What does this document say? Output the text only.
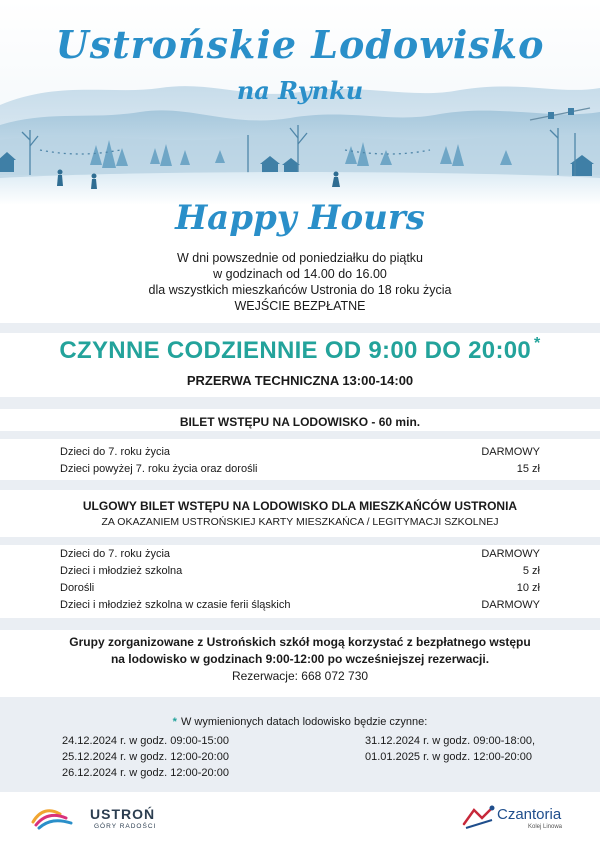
Ustrońskie Lodowisko
na Rynku
Happy Hours
W dni powszednie od poniedziałku do piątku
w godzinach od 14.00 do 16.00
dla wszystkich mieszkańców Ustronia do 18 roku życia
WEJŚCIE BEZPŁATNE
CZYNNE CODZIENNIE OD 9:00 DO 20:00 *
PRZERWA TECHNICZNA 13:00-14:00
BILET WSTĘPU NA LODOWISKO - 60 min.
Dzieci do 7. roku życia	DARMOWY
Dzieci powyżej 7. roku życia oraz dorośli	15 zł
ULGOWY BILET WSTĘPU NA LODOWISKO DLA MIESZKAŃCÓW USTRONIA
ZA OKAZANIEM USTROŃSKIEJ KARTY MIESZKAŃCA / LEGITYMACJI SZKOLNEJ
Dzieci do 7. roku życia	DARMOWY
Dzieci i młodzież szkolna	5 zł
Dorośli	10 zł
Dzieci i młodzież szkolna w czasie ferii śląskich	DARMOWY
Grupy zorganizowane z Ustrońskich szkół mogą korzystać z bezpłatnego wstępu
na lodowisko w godzinach 9:00-12:00 po wcześniejszej rezerwacji.
Rezerwacje: 668 072 730
* W wymienionych datach lodowisko będzie czynne:
24.12.2024 r. w godz. 09:00-15:00
25.12.2024 r. w godz. 12:00-20:00
26.12.2024 r. w godz. 12:00-20:00
31.12.2024 r. w godz. 09:00-18:00,
01.01.2025 r. w godz. 12:00-20:00
USTROŃ
GÓRY RADOŚCI
Czantoria
Kolej Linowa
